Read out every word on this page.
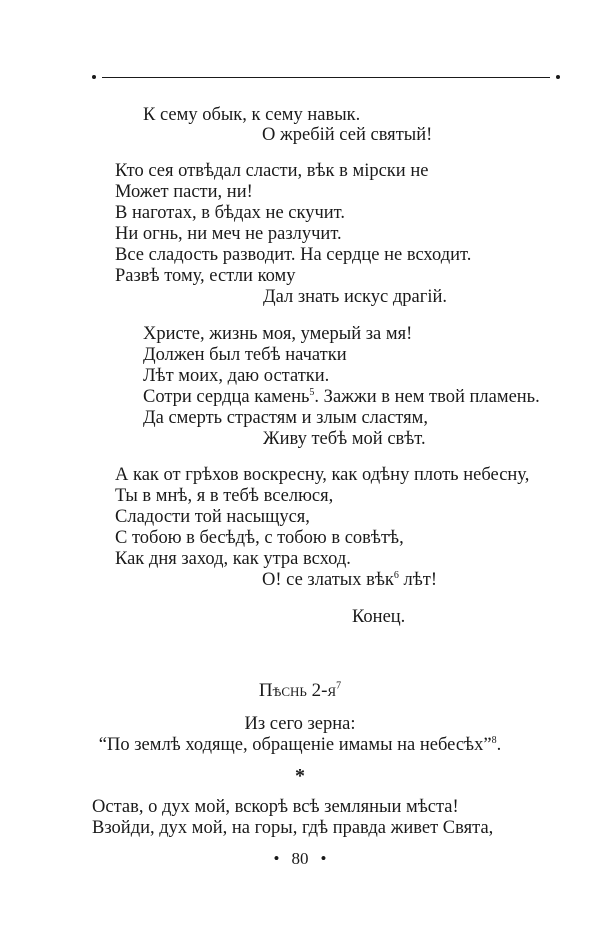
К сему обык, к сему навык.
О жребій сей святый!
Кто сея отвѣдал сласти, вѣк в мірски не
Может пасти, ни!
В наготах, в бѣдах не скучит.
Ни огнь, ни меч не разлучит.
Все сладость разводит. На сердце не всходит.
Развѣ тому, естли кому
Дал знать искус драгій.
Христе, жизнь моя, умерый за мя!
Должен был тебѣ начатки
Лѣт моих, даю остатки.
Сотри сердца камень$^5$. Зажжи в нем твой пламень.
Да смерть страстям и злым сластям,
Живу тебѣ мой свѣт.
А как от грѣхов воскресну, как одѣну плоть небесну,
Ты в мнѣ, я в тебѣ вселюся,
Сладости той насыщуся,
С тобою в бесѣдѣ, с тобою в совѣтѣ,
Как дня заход, как утра всход.
О! се златых вѣк$^6$ лѣт!
Конец.
Пѣснь $2-я^7$
Из сего зерна:
“По землѣ ходяще, обращеніе имамы на небесѣх”$^8$.
*
Остав, о дух мой, вскорѣ всѣ земляныи мѣста!
Взойди, дух мой, на горы, гдѣ правда живет Свята,
• 80 •
